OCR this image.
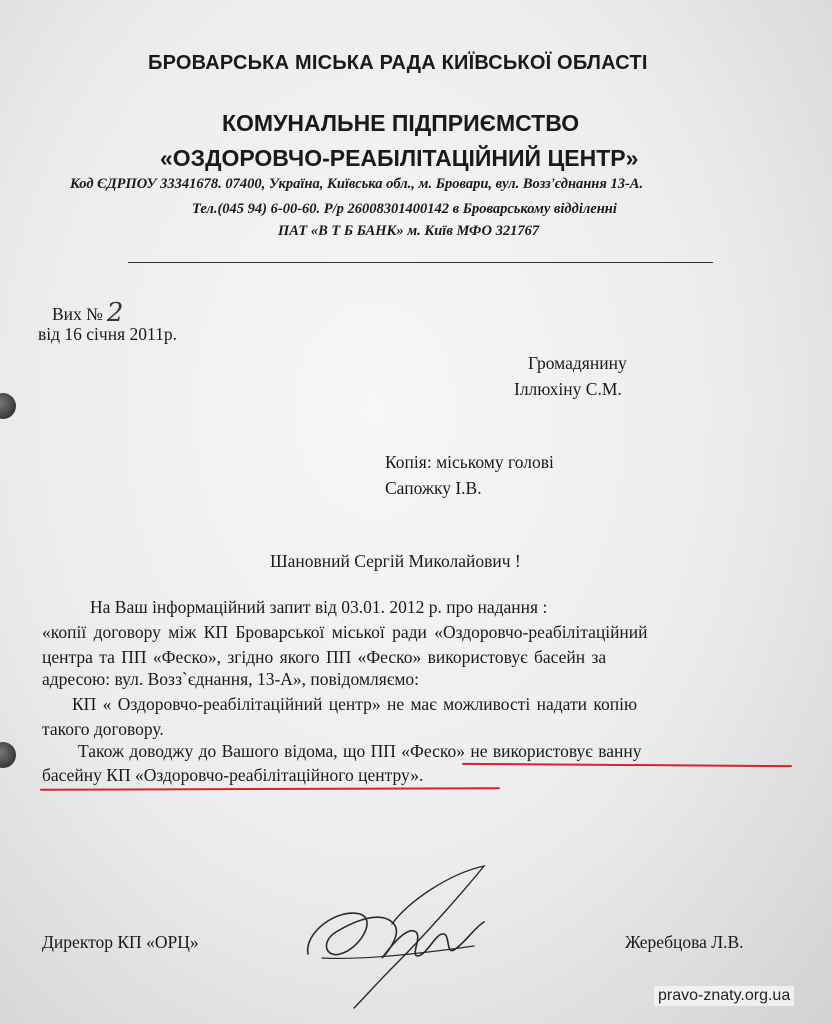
БРОВАРСЬКА МІСЬКА РАДА КИЇВСЬКОЇ ОБЛАСТІ
КОМУНАЛЬНЕ ПІДПРИЄМСТВО
«ОЗДОРОВЧО-РЕАБІЛІТАЦІЙНИЙ ЦЕНТР»
Код ЄДРПОУ 33341678. 07400, Україна, Київська обл., м. Бровари, вул. Возз'єднання 13-А.
Тел.(045 94) 6-00-60. Р/р 26008301400142 в Броварському відділенні
ПАТ «В Т Б БАНК» м. Київ МФО 321767
Вих № 2
від 16 січня 2011р.
Громадянину
Іллюхіну С.М.
Копія: міському голові
Сапожку І.В.
Шановний Сергій Миколайович !
На Ваш інформаційний запит від 03.01. 2012 р. про надання :
«копії договору між КП Броварської міської ради «Оздоровчо-реабілітаційний
центра та ПП «Феско», згідно якого ПП «Феско» використовує басейн за
адресою: вул. Возз`єднання, 13-А», повідомляємо:
КП « Оздоровчо-реабілітаційний центр» не має можливості надати копію
такого договору.
Також доводжу до Вашого відома, що ПП «Феско» не використовує ванну
басейну КП «Оздоровчо-реабілітаційного центру».
Директор КП «ОРЦ»	Жеребцова Л.В.
pravo-znaty.org.ua
